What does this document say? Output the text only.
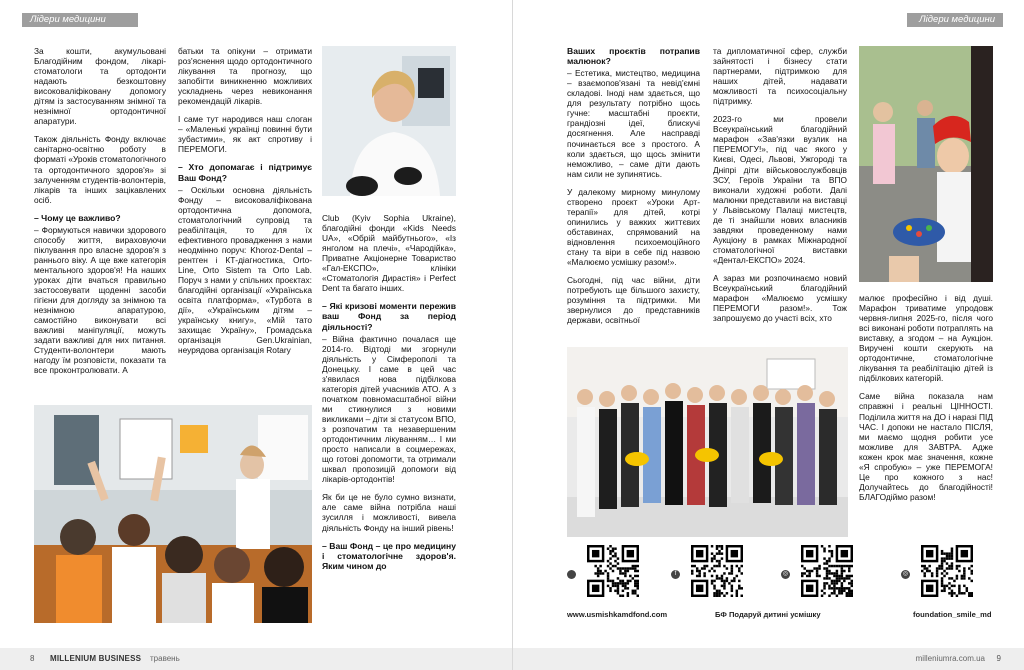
Лідери медицини

За кошти, акумульовані Благодійним фондом, лікарі-стоматологи та ортодонти надають безкоштовну високоваліфіковану допомогу дітям із застосуванням знімної та незнімної ортодонтичної апаратури.

Також діяльність Фонду включає санітарно-освітню роботу в форматі «Уроків стоматологічного та ортодонтичного здоров'я» зі залученням студентів-волонтерів, лікарів та інших зацікавлених осіб.

– Чому це важливо?

– Формуються навички здорового способу життя, вираховуючи піклування про власне здоров'я з раннього віку. А ще вже категорія ментального здоров'я! На наших уроках діти вчаться правильно застосовувати щоденні засоби гігієни для догляду за знімною та незнімною апаратурою, самостійно виконувати всі важливі маніпуляції, можуть задати важливі для них питання. Студенти-волонтери мають нагоду їм розповісти, показати та все проконтролювати. А

батьки та опікуни – отримати роз'яснення щодо ортодонтичного лікування та прогнозу, що запобігти виникненню можливих ускладнень через невиконання рекомендацій лікарів.

І саме тут народився наш слоган – «Маленькі українці повинні бути зубастими», як акт спротиву і ПЕРЕМОГИ.

– Хто допомагає і підтримує Ваш Фонд?

– Оскільки основна діяльність Фонду – високоваліфікована ортодонтична допомога, стоматологічний супровід та реабілітація, то для їх ефективного провадження з нами неодмінно поруч: Khoroz-Dental – рентген і КТ-діагностика, Orto-Line, Orto Sistem та Orto Lab. Поруч з нами у спільних проєктах: благодійні організації «Українська освіта платформа», «Турбота в дії», «Українським дітям – українську книгу», «Мій тато захищає Україну», Громадська організація Gen.Ukrainian, неурядова організація Rotary

Club (Kyiv Sophia Ukraine), благодійні фонди «Kids Needs UA», «Обрій майбутнього», «Із янголом на плечі», «Чародійка», Приватне Акціонерне Товариство «Гал-ЕКСПО», клініки «Стоматологія Дирастія» і Perfect Dent та багато інших.

– Які кризові моменти пережив ваш Фонд за період діяльності?

– Війна фактично почалася ще 2014-го. Відтоді ми згорнули діяльність у Сімферополі та Донецьку. І саме в цей час з'явилася нова підбілкова категорія дітей учасників АТО. А з початком повномасштабної війни ми стикнулися з новими викликами – діти зі статусом ВПО, з розпочатим та незавершеним ортодонтичним лікуванням… І ми просто написали в соцмережах, що готові допомогти, та отримали шквал пропозицій допомоги від лікарів-ортодонтів!

Як би це не було сумно визнати, але саме війна потрібла наші зусилля і можливості, вивела діяльність Фонду на інший рівень!

– Ваш Фонд – це про медицину і стоматологічне здоров'я. Яким чином до
8 MILLENIUM BUSINESS травень
Лідери медицини
Ваших проєктів потрапив малюнок?

– Естетика, мистецтво, медицина – взаємопов'язані та невід'ємні складові. Іноді нам здається, що для результату потрібно щось гучне: масштабні проєкти, грандіозні ідеї, блискучі досягнення. Але насправді починається все з простого. А коли здається, що щось змінити неможливо, – саме діти дають нам сили не зупинятись.

У далекому мирному минулому створено проєкт «Уроки Арт-терапії» для дітей, котрі опинились у важких життєвих обставинах, спрямований на відновлення психоемоційного стану та віри в себе під назвою «Малюємо усмішку разом!».

Сьогодні, під час війни, діти потребують ще більшого захисту, розуміння та підтримки. Ми звернулися до представників держави, освітньої

та дипломатичної сфер, служби зайнятості і бізнесу стати партнерами, підтримкою для наших дітей, надавати можливості та психосоціальну підтримку.

2023-го ми провели Всеукраїнський благодійний марафон «Зав'язки вузлик на ПЕРЕМОГУ!», під час якого у Києві, Одесі, Львові, Ужгороді та Дніпрі діти військовослужбовців ЗСУ, Героїв України та ВПО виконали художні роботи. Далі малюнки представили на виставці у Львівському Палаці мистецтв, де ті знайшли нових власників завдяки проведенному нами Аукціону в рамках Міжнародної стоматологічної виставки «Дентал-ЕКСПО» 2024.

А зараз ми розпочинаємо новий Всеукраїнський благодійний марафон «Малюємо усмішку ПЕРЕМОГИ разом!». Тож запрошуємо до участі всіх, хто

малює професійно і від душі. Марафон триватиме упродовж червня-липня 2025-го, після чого всі виконані роботи потраплять на виставку, а згодом – на Аукціон. Виручені кошти скерують на ортодонтичне, стоматологічне лікування та реабілітацію дітей із підбілкових категорій.

Саме війна показала нам справжні і реальні ЦІННОСТІ. Поділила життя на ДО і наразі ПІД ЧАС. І допоки не настало ПІСЛЯ, ми маємо щодня робити усе можливе для ЗАВТРА. Адже кожен крок має значення, кожне «Я спробую» – уже ПЕРЕМОГА! Це про кожного з нас! Долучайтесь до благодійності! БЛАГОдіймо разом!

f	◎	◎
www.usmishkamdfond.com	БФ Подаруй дитині усмішку	foundation_smile_md
milleniumra.com.ua 9
